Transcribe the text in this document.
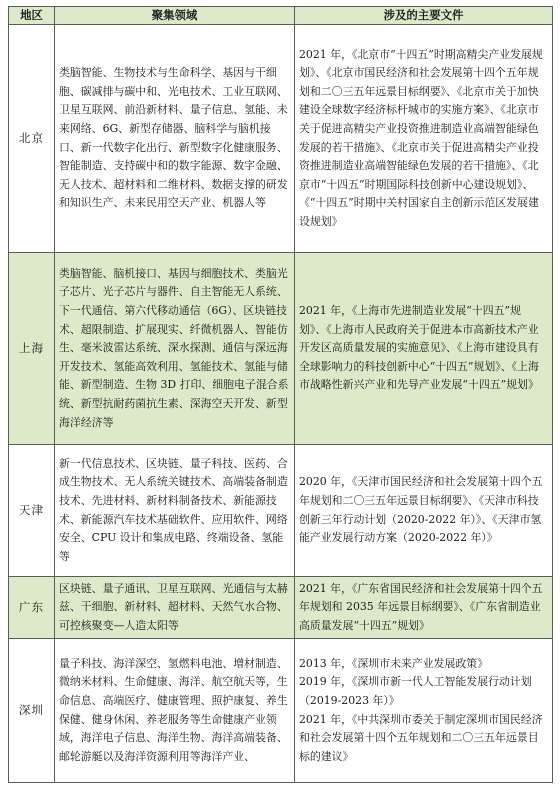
地区	聚集领域	涉及的主要文件
北京	类脑智能、生物技术与生命科学、基因与干细胞、碳减排与碳中和、光电技术、工业互联网、卫星互联网、前沿新材料、量子信息、氢能、未来网络、6G、新型存储器、脑科学与脑机接口、新一代数字化出行、新型数字化健康服务、智能制造、支持碳中和的数字能源、数字金融、无人技术、超材料和二维材料、数据支撑的研发和知识生产、未来民用空天产业、机器人等	2021 年，《北京市“十四五”时期高精尖产业发展规划》、《北京市国民经济和社会发展第十四个五年规划和二〇三五年远景目标纲要》、《北京市关于加快建设全球数字经济标杆城市的实施方案》、《北京市关于促进高精尖产业投资推进制造业高端智能绿色发展的若干措施》、《北京市关于促进高精尖产业投资推进制造业高端智能绿色发展的若干措施》、《北京市“十四五”时期国际科技创新中心建设规划》、《“十四五”时期中关村国家自主创新示范区发展建设规划》
上海	类脑智能、脑机接口、基因与细胞技术、类脑光子芯片、光子芯片与器件、自主智能无人系统、下一代通信、第六代移动通信（6G）、区块链技术、超限制造、扩展现实、纤微机器人、智能仿生、毫米波雷达系统、深水探测、通信与深远海开发技术、氢能高效利用、氢能技术、氢能与储能、新型制造、生物 3D 打印、细胞电子混合系统、新型抗耐药菌抗生素、深海空天开发、新型海洋经济等	2021 年，《上海市先进制造业发展“十四五”规划》、《上海市人民政府关于促进本市高新技术产业开发区高质量发展的实施意见》、《上海市建设具有全球影响力的科技创新中心“十四五”规划》、《上海市战略性新兴产业和先导产业发展“十四五”规划》
天津	新一代信息技术、区块链、量子科技、医药、合成生物技术、无人系统关键技术、高端装备制造技术、先进材料、新材料制备技术、新能源技术、新能源汽车技术基础软件、应用软件、网络安全、CPU 设计和集成电路、终端设备、氢能等	2020 年，《天津市国民经济和社会发展第十四个五年规划和二〇三五年远景目标纲要》、《天津市科技创新三年行动计划（2020-2022 年）》、《天津市氢能产业发展行动方案（2020-2022 年）》
广东	区块链、量子通讯、卫星互联网、光通信与太赫兹、干细胞、新材料、超材料、天然气水合物、可控核聚变—人造太阳等	2021 年，《广东省国民经济和社会发展第十四个五年规划和 2035 年远景目标纲要》、《广东省制造业高质量发展“十四五”规划》
深圳	量子科技、海洋深空、氢燃料电池、增材制造、微纳米材料、生命健康、海洋、航空航天等，生命信息、高端医疗、健康管理、照护康复、养生保健、健身休闲、养老服务等生命健康产业领域，海洋电子信息、海洋生物、海洋高端装备、邮轮游艇以及海洋资源利用等海洋产业、	2013 年，《深圳市未来产业发展政策》
2019 年，《深圳市新一代人工智能发展行动计划（2019-2023 年）》
2021 年，《中共深圳市委关于制定深圳市国民经济和社会发展第十四个五年规划和二〇三五年远景目标的建议》
